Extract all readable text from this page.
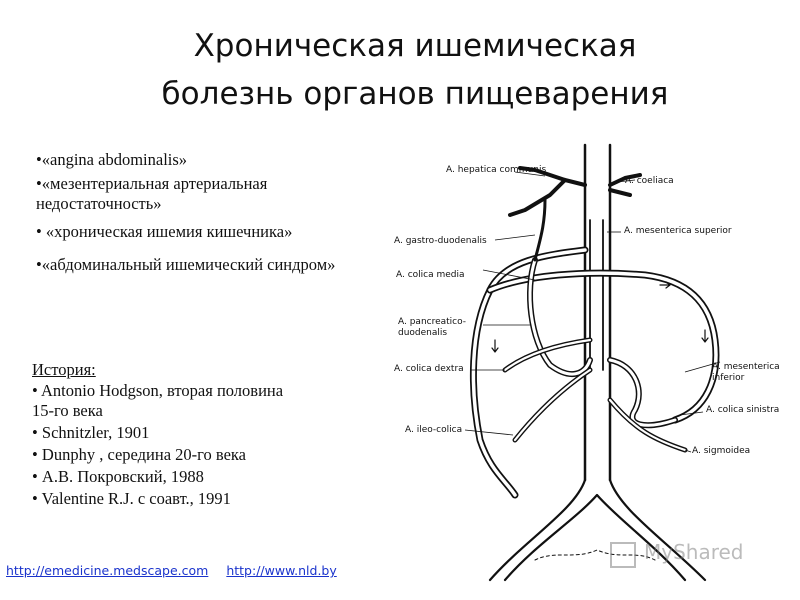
Хроническая ишемическая
болезнь органов пищеварения
•«angina abdominalis»
•«мезентериальная артериальная недостаточность»
• «хроническая ишемия кишечника»
•«абдоминальный ишемический синдром»
История:
• Antonio Hodgson, вторая половина 15-го века
• Schnitzler, 1901
• Dunphy , середина 20-го века
• А.В. Покровский, 1988
• Valentine R.J. с соавт., 1991
http://emedicine.medscape.com http://www.nld.by
A. hepatica communis
A. coeliaca
A. mesenterica superior
A. gastro-duodenalis
A. colica media
A. pancreatico-
duodenalis
A. colica dextra	A. mesenterica
inferior
A. colica sinistra
A. ileo-colica
A. sigmoidea
MyShared
